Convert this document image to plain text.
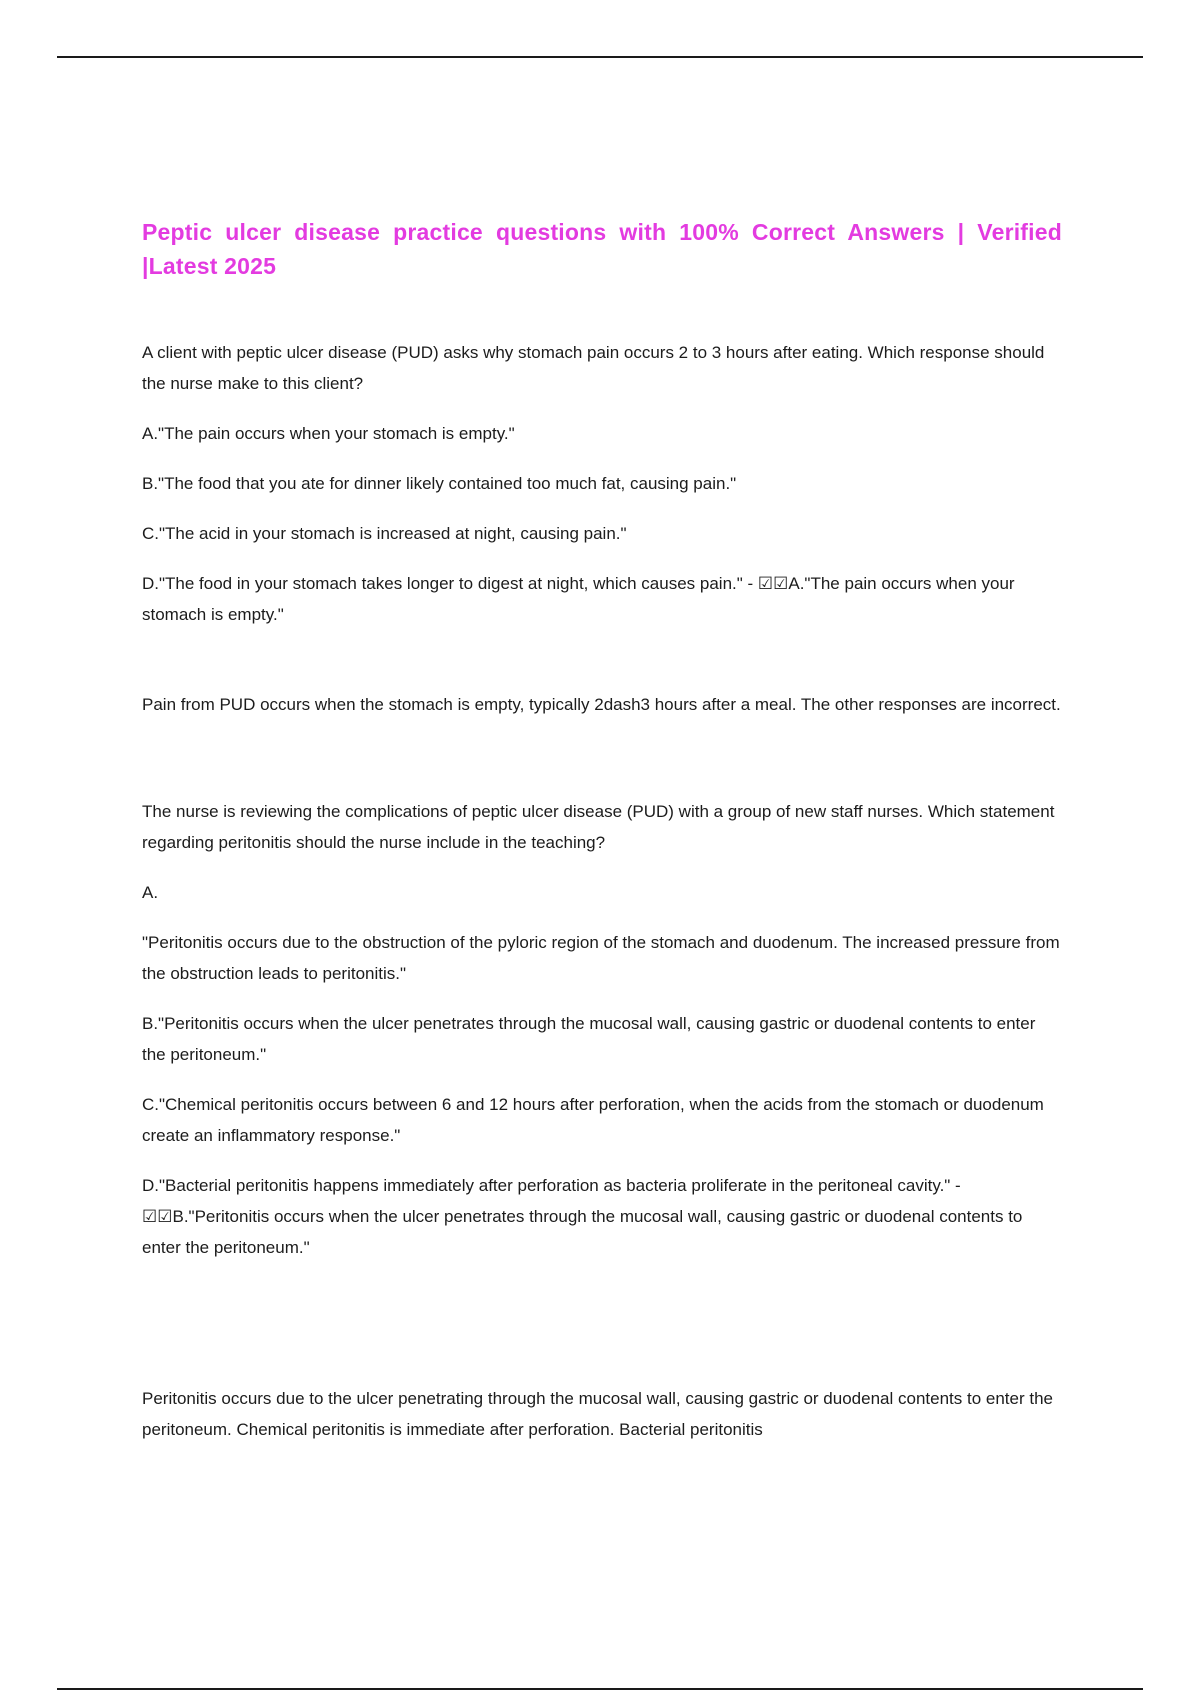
Peptic ulcer disease practice questions with 100% Correct Answers | Verified |Latest 2025

A client with peptic ulcer disease (PUD) asks why stomach pain occurs 2 to 3 hours after eating. Which response should the nurse make to this client?

A."The pain occurs when your stomach is empty."

B."The food that you ate for dinner likely contained too much fat, causing pain."

C."The acid in your stomach is increased at night, causing pain."

D."The food in your stomach takes longer to digest at night, which causes pain." - ☑☑A."The pain occurs when your stomach is empty."

Pain from PUD occurs when the stomach is empty, typically 2dash3 hours after a meal. The other responses are incorrect.

The nurse is reviewing the complications of peptic ulcer disease (PUD) with a group of new staff nurses. Which statement regarding peritonitis should the nurse include in the teaching?

A.

"Peritonitis occurs due to the obstruction of the pyloric region of the stomach and duodenum. The increased pressure from the obstruction leads to peritonitis."

B."Peritonitis occurs when the ulcer penetrates through the mucosal wall, causing gastric or duodenal contents to enter the peritoneum."

C."Chemical peritonitis occurs between 6 and 12 hours after perforation, when the acids from the stomach or duodenum create an inflammatory response."

D."Bacterial peritonitis happens immediately after perforation as bacteria proliferate in the peritoneal cavity." - ☑☑B."Peritonitis occurs when the ulcer penetrates through the mucosal wall, causing gastric or duodenal contents to enter the peritoneum."

Peritonitis occurs due to the ulcer penetrating through the mucosal wall, causing gastric or duodenal contents to enter the peritoneum. Chemical peritonitis is immediate after perforation. Bacterial peritonitis
